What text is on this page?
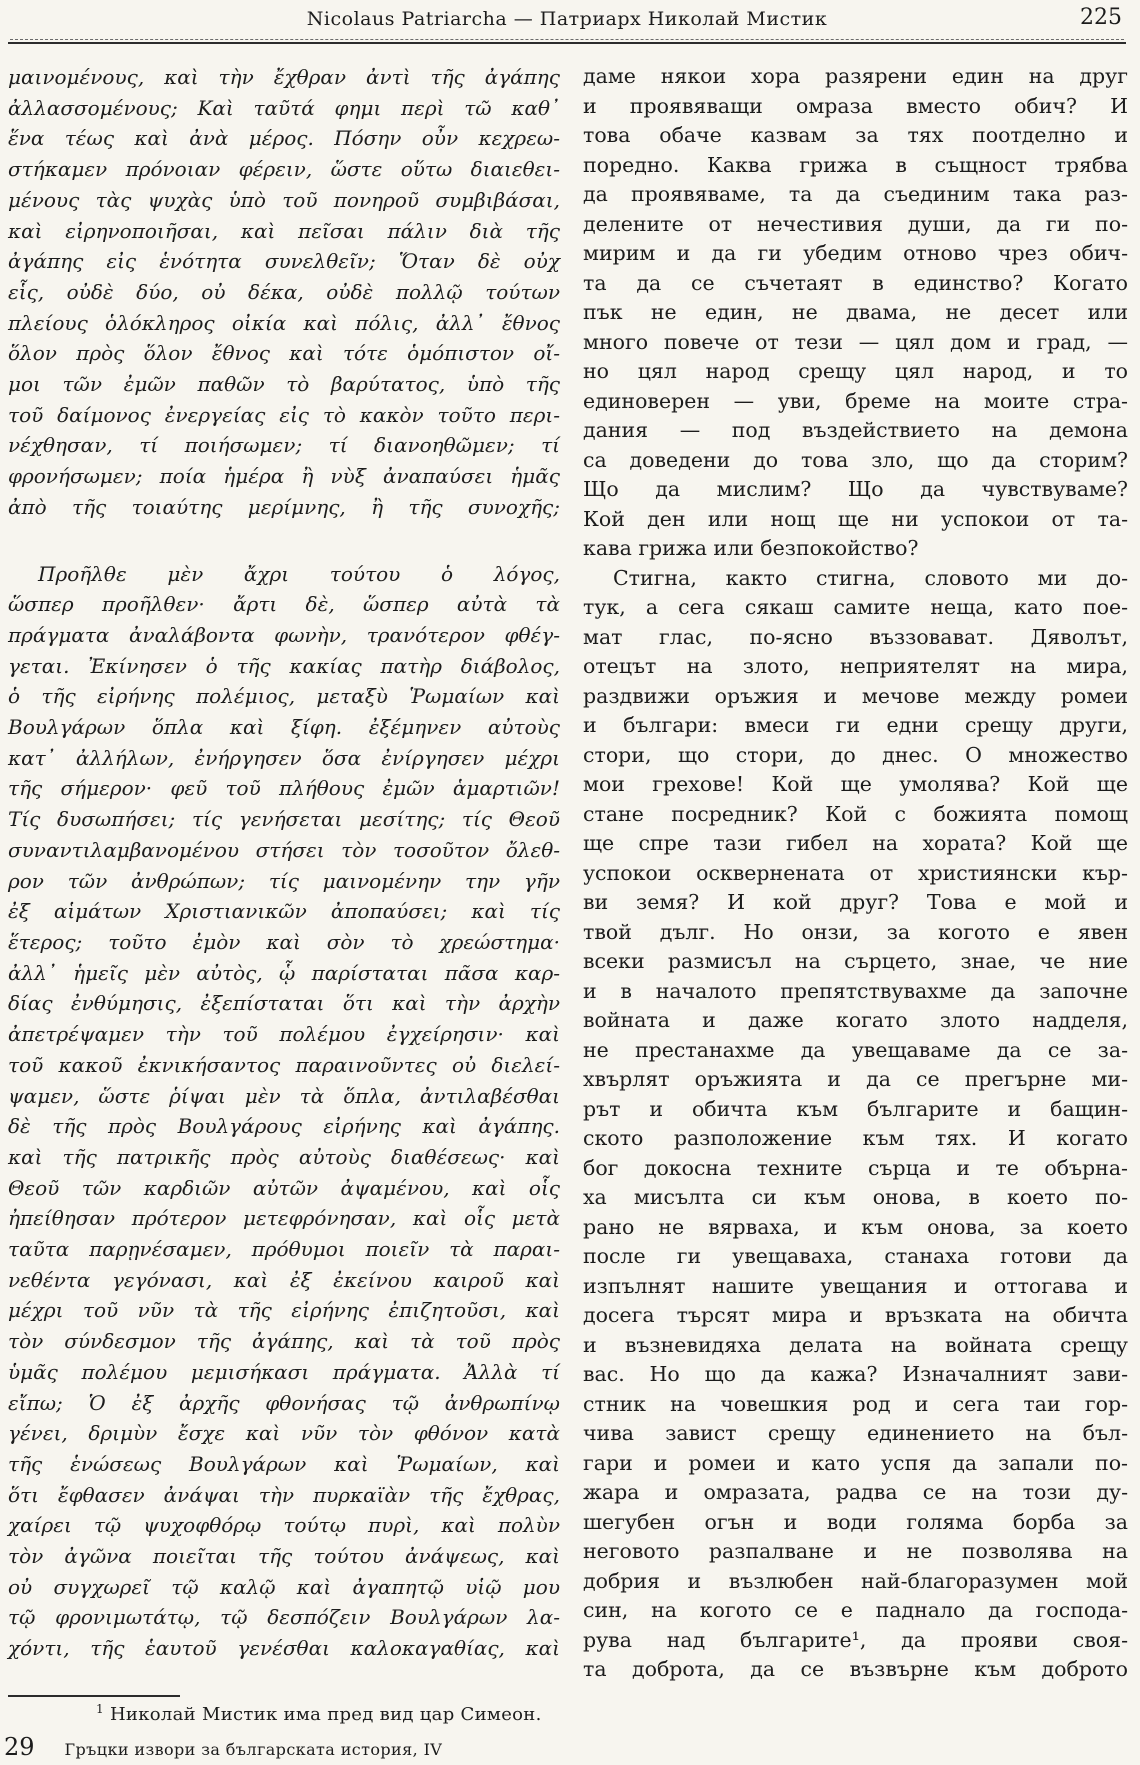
Nicolaus Patriarcha — Патриарх Николай Мистик	225
μαινομένους, καὶ τὴν ἔχθραν ἀντὶ τῆς ἀγάπης
ἀλλασσομένους; Καὶ ταῦτά φημι περὶ τῶ καθ᾽
ἕνα τέως καὶ ἀνὰ μέρος. Πόσην οὖν κεχρεω-
στήκαμεν πρόνοιαν φέρειν, ὥστε οὕτω διαιεθει-
μένους τὰς ψυχὰς ὑπὸ τοῦ πονηροῦ συμβιβάσαι,
καὶ εἰρηνοποιῆσαι, καὶ πεῖσαι πάλιν διὰ τῆς
ἀγάπης εἰς ἑνότητα συνελθεῖν; Ὅταν δὲ οὐχ
εἷς, οὐδὲ δύο, οὐ δέκα, οὐδὲ πολλῷ τούτων
πλείους ὁλόκληρος οἰκία καὶ πόλις, ἀλλ᾽ ἔθνος
ὅλον πρὸς ὅλον ἔθνος καὶ τότε ὁμόπιστον οἴ-
μοι τῶν ἐμῶν παθῶν τὸ βαρύτατος, ὑπὸ τῆς
τοῦ δαίμονος ἐνεργείας εἰς τὸ κακὸν τοῦτο περι-
νέχθησαν, τί ποιήσωμεν; τί διανοηθῶμεν; τί
φρονήσωμεν; ποία ἡμέρα ἢ νὺξ ἀναπαύσει ἡμᾶς
ἀπὸ τῆς τοιαύτης μερίμνης, ἢ τῆς συνοχῆς;
Προῆλθε μὲν ἄχρι τούτου ὁ λόγος,
ὥσπερ προῆλθεν· ἄρτι δὲ, ὥσπερ αὐτὰ τὰ
πράγματα ἀναλάβοντα φωνὴν, τρανότερον φθέγ-
γεται. Ἐκίνησεν ὁ τῆς κακίας πατὴρ διάβολος,
ὁ τῆς εἰρήνης πολέμιος, μεταξὺ Ῥωμαίων καὶ
Βουλγάρων ὅπλα καὶ ξίφη. ἐξέμηνεν αὐτοὺς
κατ᾽ ἀλλήλων, ἐνήργησεν ὅσα ἐνίργησεν μέχρι
τῆς σήμερον· φεῦ τοῦ πλήθους ἐμῶν ἁμαρτιῶν!
Τίς δυσωπήσει; τίς γενήσεται μεσίτης; τίς Θεοῦ
συναντιλαμβανομένου στήσει τὸν τοσοῦτον ὄλεθ-
ρον τῶν ἀνθρώπων; τίς μαινομένην την γῆν
ἐξ αἱμάτων Χριστιανικῶν ἀποπαύσει; καὶ τίς
ἕτερος; τοῦτο ἐμὸν καὶ σὸν τὸ χρεώστημα·
ἀλλ᾽ ἡμεῖς μὲν αὐτὸς, ᾧ παρίσταται πᾶσα καρ-
δίας ἐνθύμησις, ἐξεπίσταται ὅτι καὶ τὴν ἀρχὴν
ἀπετρέψαμεν τὴν τοῦ πολέμου ἐγχείρησιν· καὶ
τοῦ κακοῦ ἐκνικήσαντος παραινοῦντες οὐ διελεί-
ψαμεν, ὥστε ῥίψαι μὲν τὰ ὅπλα, ἀντιλαβέσθαι
δὲ τῆς πρὸς Βουλγάρους εἰρήνης καὶ ἀγάπης.
καὶ τῆς πατρικῆς πρὸς αὐτοὺς διαθέσεως· καὶ
Θεοῦ τῶν καρδιῶν αὐτῶν ἀψαμένου, καὶ οἷς
ἠπείθησαν πρότερον μετεφρόνησαν, καὶ οἷς μετὰ
ταῦτα παρῃνέσαμεν, πρόθυμοι ποιεῖν τὰ παραι-
νεθέντα γεγόνασι, καὶ ἐξ ἐκείνου καιροῦ καὶ
μέχρι τοῦ νῦν τὰ τῆς εἰρήνης ἐπιζητοῦσι, καὶ
τὸν σύνδεσμον τῆς ἀγάπης, καὶ τὰ τοῦ πρὸς
ὑμᾶς πολέμου μεμισήκασι πράγματα. Ἀλλὰ τί
εἴπω; Ὁ ἐξ ἀρχῆς φθονήσας τῷ ἀνθρωπίνῳ
γένει, δριμὺν ἔσχε καὶ νῦν τὸν φθόνον κατὰ
τῆς ἑνώσεως Βουλγάρων καὶ Ῥωμαίων, καὶ
ὅτι ἔφθασεν ἀνάψαι τὴν πυρκαϊὰν τῆς ἔχθρας,
χαίρει τῷ ψυχοφθόρῳ τούτῳ πυρὶ, καὶ πολὺν
τὸν ἀγῶνα ποιεῖται τῆς τούτου ἀνάψεως, καὶ
οὐ συγχωρεῖ τῷ καλῷ καὶ ἀγαπητῷ υἱῷ μου
τῷ φρονιμωτάτῳ, τῷ δεσπόζειν Βουλγάρων λα-
χόντι, τῆς ἑαυτοῦ γενέσθαι καλοκαγαθίας, καὶ
даме някои хора разярени един на друг
и проявяващи омраза вместо обич? И
това обаче казвам за тях поотделно и
поредно. Каква грижа в същност трябва
да проявяваме, та да съединим така раз-
делените от нечестивия души, да ги по-
мирим и да ги убедим отново чрез обич-
та да се съчетаят в единство? Когато
пък не един, не двама, не десет или
много повече от тези — цял дом и град, —
но цял народ срещу цял народ, и то
единоверен — уви, бреме на моите стра-
дания — под въздействието на демона
са доведени до това зло, що да сторим?
Що да мислим? Що да чувствуваме?
Кой ден или нощ ще ни успокои от та-
кава грижа или безпокойство?
Стигна, както стигна, словото ми до-
тук, а сега сякаш самите неща, като пое-
мат глас, по-ясно въззовават. Дяволът,
отецът на злото, неприятелят на мира,
раздвижи оръжия и мечове между ромеи
и българи: вмеси ги едни срещу други,
стори, що стори, до днес. О множество
мои грехове! Кой ще умолява? Кой ще
стане посредник? Кой с божията помощ
ще спре тази гибел на хората? Кой ще
успокои осквернената от християнски кър-
ви земя? И кой друг? Това е мой и
твой дълг. Но онзи, за когото е явен
всеки размисъл на сърцето, знае, че ние
и в началото препятствувахме да започне
войната и даже когато злото надделя,
не престанахме да увещаваме да се за-
хвърлят оръжията и да се прегърне ми-
рът и обичта към българите и бащин-
ското разположение към тях. И когато
бог докосна техните сърца и те обърна-
ха мисълта си към онова, в което по-
рано не вярваха, и към онова, за което
после ги увещаваха, станаха готови да
изпълнят нашите увещания и оттогава и
досега търсят мира и връзката на обичта
и възневидяха делата на войната срещу
вас. Но що да кажа? Изначалният зави-
стник на човешкия род и сега таи гор-
чива завист срещу единението на бъл-
гари и ромеи и като успя да запали по-
жара и омразата, радва се на този ду-
шегубен огън и води голяма борба за
неговото разпалване и не позволява на
добрия и възлюбен най-благоразумен мой
син, на когото се е паднало да господа-
рува над българите¹, да прояви своя-
та доброта, да се възвърне към доброто
$^1$ Николай Мистик има пред вид цар Симеон.
29 Гръцки извори за българската история, IV
